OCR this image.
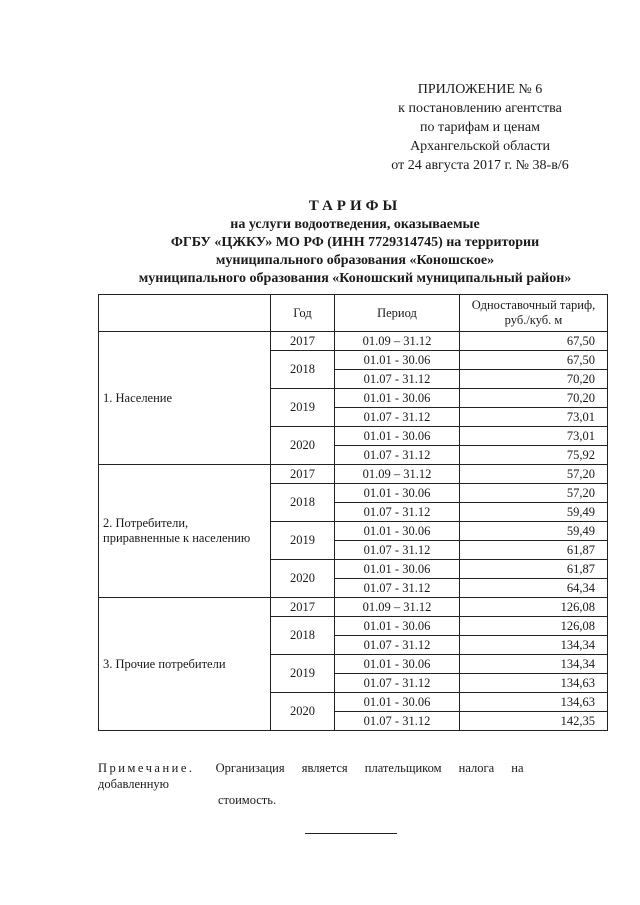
ПРИЛОЖЕНИЕ № 6
к постановлению агентства
по тарифам и ценам
Архангельской области
от 24 августа 2017 г. № 38-в/6
ТАРИФЫ
на услуги водоотведения, оказываемые
ФГБУ «ЦЖКУ» МО РФ (ИНН 7729314745) на территории
муниципального образования «Коношское»
муниципального образования «Коношский муниципальный район»
	Год	Период	Одноставочный тариф,
руб./куб. м
1. Население	2017	01.09 – 31.12	67,50
	2018	01.01 - 30.06	67,50
		01.07 - 31.12	70,20
	2019	01.01 - 30.06	70,20
		01.07 - 31.12	73,01
	2020	01.01 - 30.06	73,01
		01.07 - 31.12	75,92
2. Потребители,
приравненные к населению	2017	01.09 – 31.12	57,20
	2018	01.01 - 30.06	57,20
		01.07 - 31.12	59,49
	2019	01.01 - 30.06	59,49
		01.07 - 31.12	61,87
	2020	01.01 - 30.06	61,87
		01.07 - 31.12	64,34
3. Прочие потребители	2017	01.09 – 31.12	126,08
	2018	01.01 - 30.06	126,08
		01.07 - 31.12	134,34
	2019	01.01 - 30.06	134,34
		01.07 - 31.12	134,63
	2020	01.01 - 30.06	134,63
		01.07 - 31.12	142,35
Примечание. Организация является плательщиком налога на добавленную
стоимость.
